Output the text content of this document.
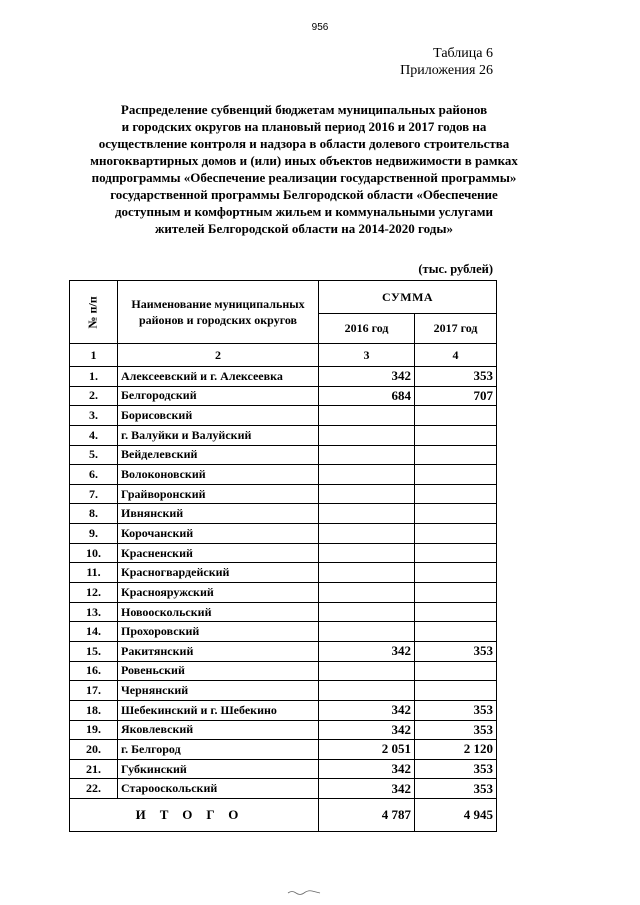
956
Таблица 6
Приложения 26
Распределение субвенций бюджетам муниципальных районов
и городских округов на плановый период 2016 и 2017 годов на
осуществление контроля и надзора в области долевого строительства
многоквартирных домов и (или) иных объектов недвижимости в рамках
подпрограммы «Обеспечение реализации государственной программы»
государственной программы Белгородской области «Обеспечение
доступным и комфортным жильем и коммунальными услугами
жителей Белгородской области на 2014-2020 годы»
(тыс. рублей)
№ п/п	Наименование муниципальных районов и городских округов	СУММА	
		2016 год	2017 год
1	2	3	4
1.	Алексеевский и г. Алексеевка	342	353
2.	Белгородский	684	707
3.	Борисовский		
4.	г. Валуйки и Валуйский		
5.	Вейделевский		
6.	Волоконовский		
7.	Грайворонский		
8.	Ивнянский		
9.	Корочанский		
10.	Красненский		
11.	Красногвардейский		
12.	Краснояружский		
13.	Новооскольский		
14.	Прохоровский		
15.	Ракитянский	342	353
16.	Ровеньский		
17.	Чернянский		
18.	Шебекинский и г. Шебекино	342	353
19.	Яковлевский	342	353
20.	г. Белгород	2 051	2 120
21.	Губкинский	342	353
22.	Старооскольский	342	353
ИТОГО		4 787	4 945
